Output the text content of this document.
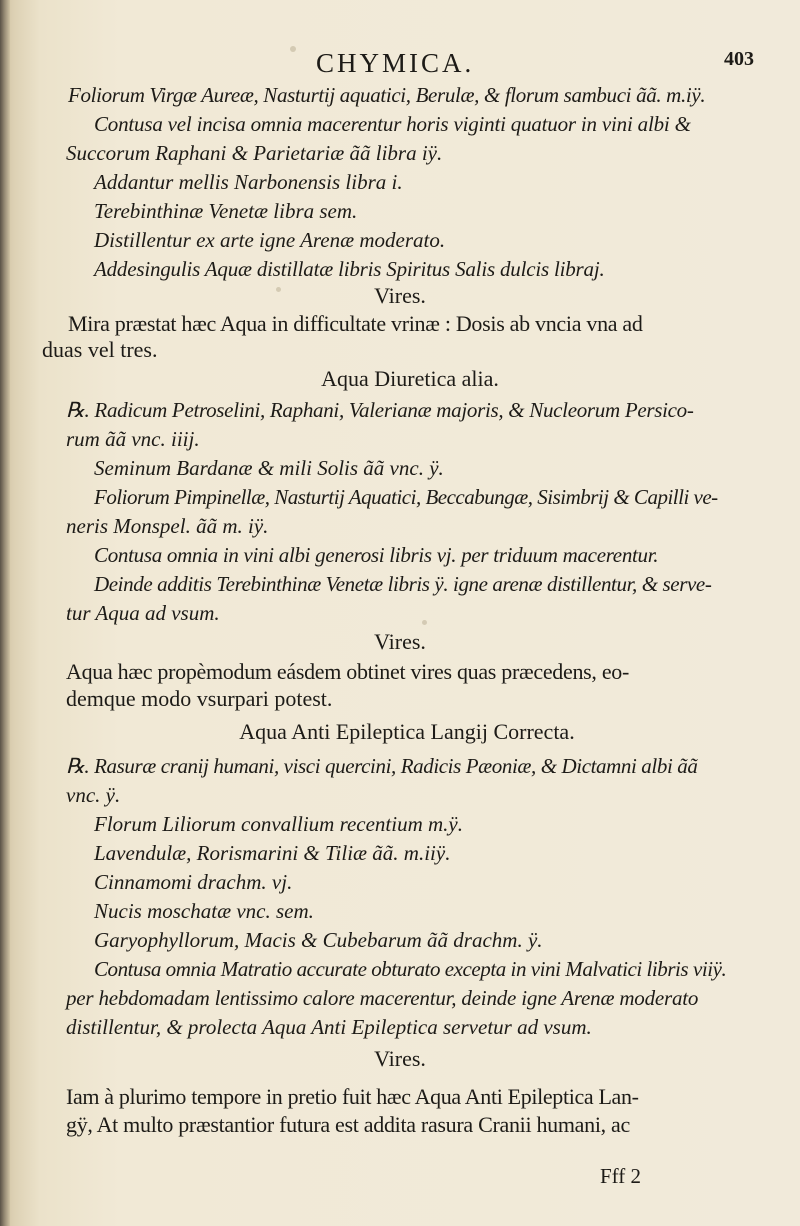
CHYMICA.	403
Foliorum Virgæ Aureæ, Nasturtij aquatici, Berulæ, & florum sambuci ãã. m.iÿ.
Contusa vel incisa omnia macerentur horis viginti quatuor in vini albi &
Succorum Raphani & Parietariæ ãã libra iÿ.
Addantur mellis Narbonensis libra i.
Terebinthinæ Venetæ libra sem.
Distillentur ex arte igne Arenæ moderato.
Addesingulis Aquæ distillatæ libris Spiritus Salis dulcis libraj.
Vires.
Mira præstat hæc Aqua in difficultate vrinæ : Dosis ab vncia vna ad
duas vel tres.
Aqua Diuretica alia.
℞. Radicum Petroselini, Raphani, Valerianæ majoris, & Nucleorum Persico-
rum ãã vnc. iiij.
Seminum Bardanæ & mili Solis ãã vnc. ÿ.
Foliorum Pimpinellæ, Nasturtij Aquatici, Beccabungæ, Sisimbrij & Capilli ve-
neris Monspel. ãã m. iÿ.
Contusa omnia in vini albi generosi libris vj. per triduum macerentur.
Deinde additis Terebinthinæ Venetæ libris ÿ. igne arenæ distillentur, & serve-
tur Aqua ad vsum.
Vires.
Aqua hæc propèmodum eásdem obtinet vires quas præcedens, eo-
demque modo vsurpari potest.
Aqua Anti Epileptica Langij Correcta.
℞. Rasuræ cranij humani, visci quercini, Radicis Pæoniæ, & Dictamni albi ãã
vnc. ÿ.
Florum Liliorum convallium recentium m.ÿ.
Lavendulæ, Rorismarini & Tiliæ ãã. m.iiÿ.
Cinnamomi drachm. vj.
Nucis moschatæ vnc. sem.
Garyophyllorum, Macis & Cubebarum ãã drachm. ÿ.
Contusa omnia Matratio accurate obturato excepta in vini Malvatici libris viiÿ.
per hebdomadam lentissimo calore macerentur, deinde igne Arenæ moderato
distillentur, & prolecta Aqua Anti Epileptica servetur ad vsum.
Vires.
Iam à plurimo tempore in pretio fuit hæc Aqua Anti Epileptica Lan-
gÿ, At multo præstantior futura est addita rasura Cranii humani, ac
Fff 2
